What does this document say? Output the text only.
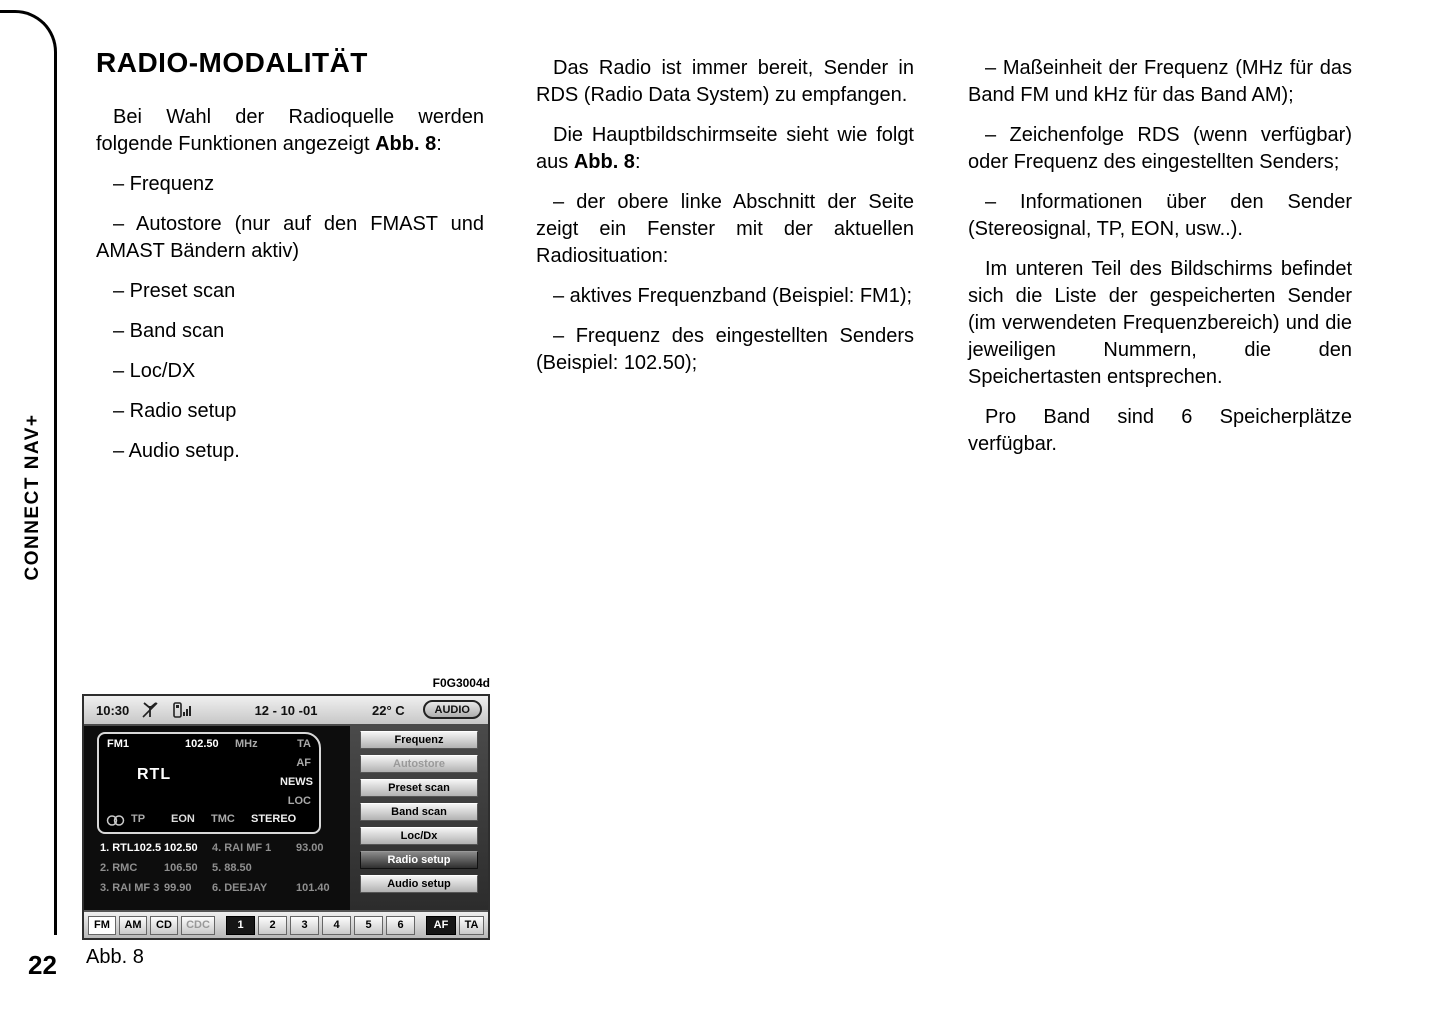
CONNECT NAV+
RADIO-MODALITÄT

Bei Wahl der Radioquelle werden folgende Funktionen angezeigt Abb. 8:

– Frequenz

– Autostore (nur auf den FMAST und AMAST Bändern aktiv)

– Preset scan

– Band scan

– Loc/DX

– Radio setup

– Audio setup.

Das Radio ist immer bereit, Sender in RDS (Radio Data System) zu empfangen.

Die Hauptbildschirmseite sieht wie folgt aus Abb. 8:

– der obere linke Abschnitt der Seite zeigt ein Fenster mit der aktuellen Radiosituation:

– aktives Frequenzband (Beispiel: FM1);

– Frequenz des eingestellten Senders (Beispiel: 102.50);

– Maßeinheit der Frequenz (MHz für das Band FM und kHz für das Band AM);

– Zeichenfolge RDS (wenn verfügbar) oder Frequenz des eingestellten Senders;

– Informationen über den Sender (Stereosignal, TP, EON, usw..).

Im unteren Teil des Bildschirms befindet sich die Liste der gespeicherten Sender (im verwendeten Frequenzbereich) und die jeweiligen Nummern, die den Speichertasten entsprechen.

Pro Band sind 6 Speicherplätze verfügbar.

F0G3004d
10:30	12 - 10 -01	22° C	AUDIO
Frequenz
Autostore
Preset scan
Band scan
Loc/Dx
Radio setup
Audio setup
FM1	102.50 MHz	TA
AF
NEWS
LOC
RTL
TP EON TMC STEREO
1. RTL102.5 102.50	4. RAI MF 1	93.00
2. RMC	106.50	5. 88.50
3. RAI MF 3 99.90	6. DEEJAY	101.40
FM	AM	CD	CDC	1	2	3	4	5	6	AF	TA
Abb. 8
22
